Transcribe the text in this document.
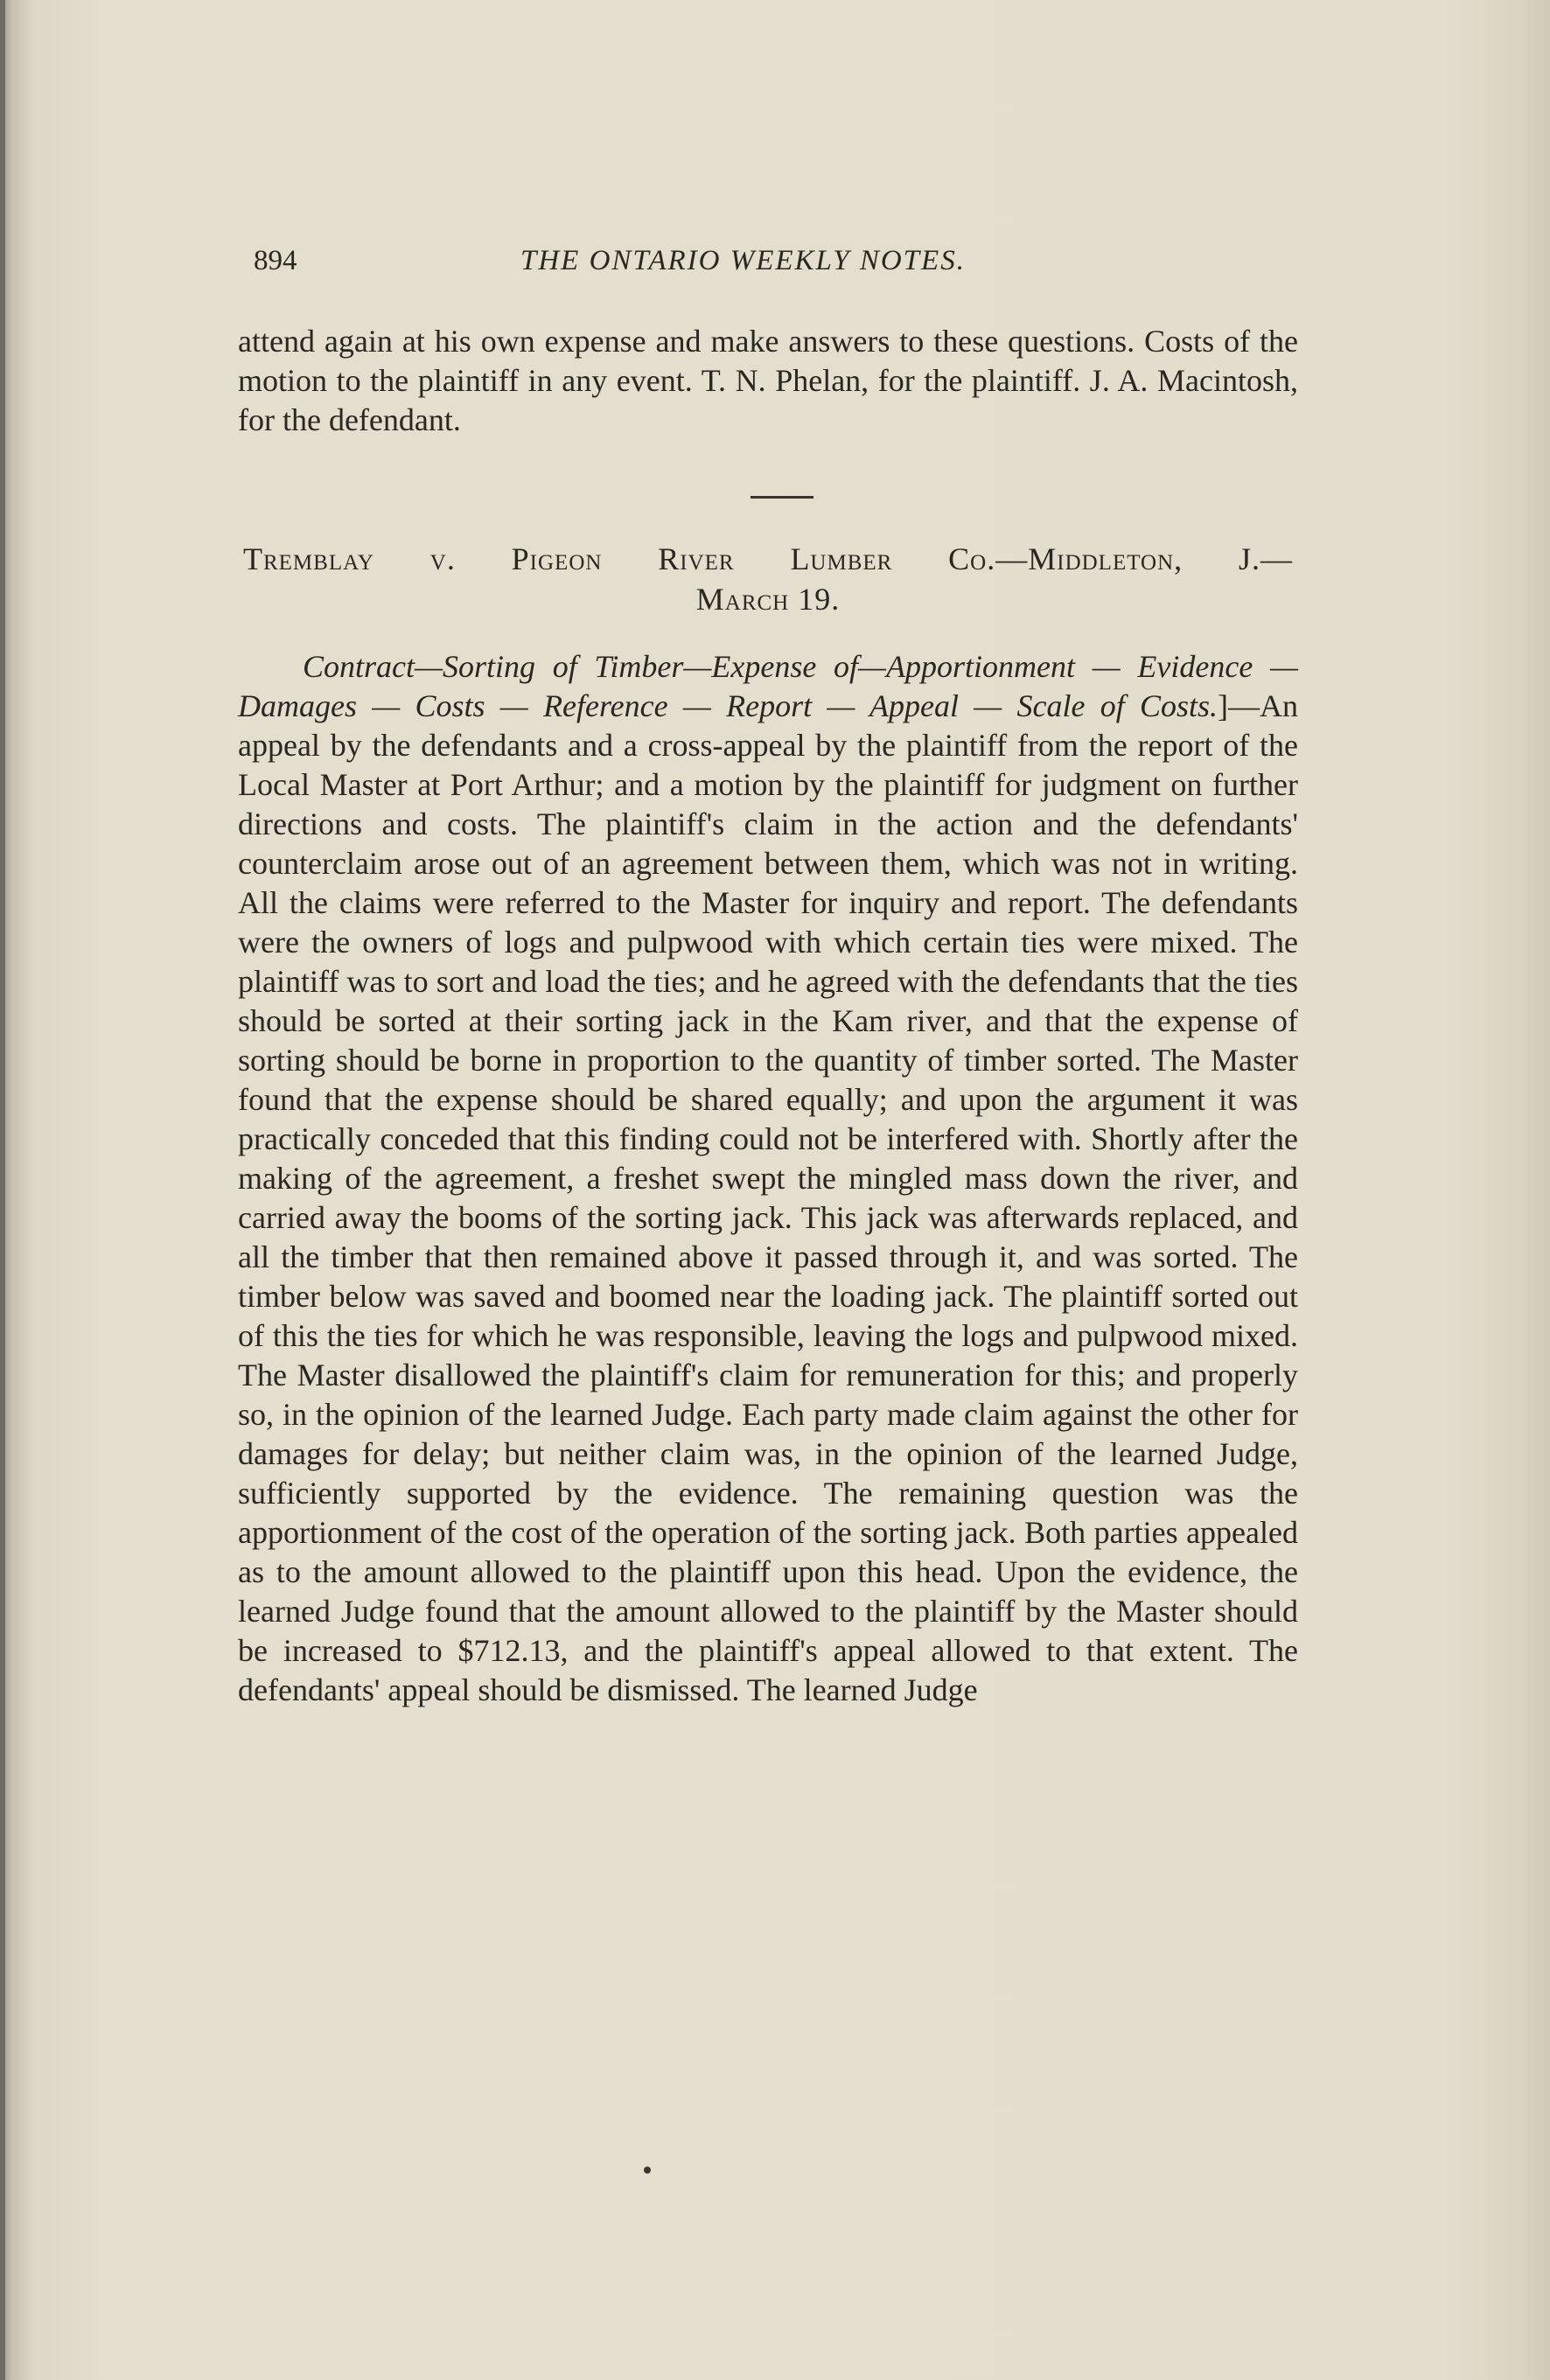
894	THE ONTARIO WEEKLY NOTES.

attend again at his own expense and make answers to these questions. Costs of the motion to the plaintiff in any event. T. N. Phelan, for the plaintiff. J. A. Macintosh, for the defendant.

Tremblay v. Pigeon River Lumber Co.—Middleton, J.—
March 19.

Contract—Sorting of Timber—Expense of—Apportionment — Evidence — Damages — Costs — Reference — Report — Appeal — Scale of Costs.]—An appeal by the defendants and a cross-appeal by the plaintiff from the report of the Local Master at Port Arthur; and a motion by the plaintiff for judgment on further directions and costs. The plaintiff's claim in the action and the defendants' counterclaim arose out of an agreement between them, which was not in writing. All the claims were referred to the Master for inquiry and report. The defendants were the owners of logs and pulpwood with which certain ties were mixed. The plaintiff was to sort and load the ties; and he agreed with the defendants that the ties should be sorted at their sorting jack in the Kam river, and that the expense of sorting should be borne in proportion to the quantity of timber sorted. The Master found that the expense should be shared equally; and upon the argument it was practically conceded that this finding could not be interfered with. Shortly after the making of the agreement, a freshet swept the mingled mass down the river, and carried away the booms of the sorting jack. This jack was afterwards replaced, and all the timber that then remained above it passed through it, and was sorted. The timber below was saved and boomed near the loading jack. The plaintiff sorted out of this the ties for which he was responsible, leaving the logs and pulpwood mixed. The Master disallowed the plaintiff's claim for remuneration for this; and properly so, in the opinion of the learned Judge. Each party made claim against the other for damages for delay; but neither claim was, in the opinion of the learned Judge, sufficiently supported by the evidence. The remaining question was the apportionment of the cost of the operation of the sorting jack. Both parties appealed as to the amount allowed to the plaintiff upon this head. Upon the evidence, the learned Judge found that the amount allowed to the plaintiff by the Master should be increased to $712.13, and the plaintiff's appeal allowed to that extent. The defendants' appeal should be dismissed. The learned Judge
